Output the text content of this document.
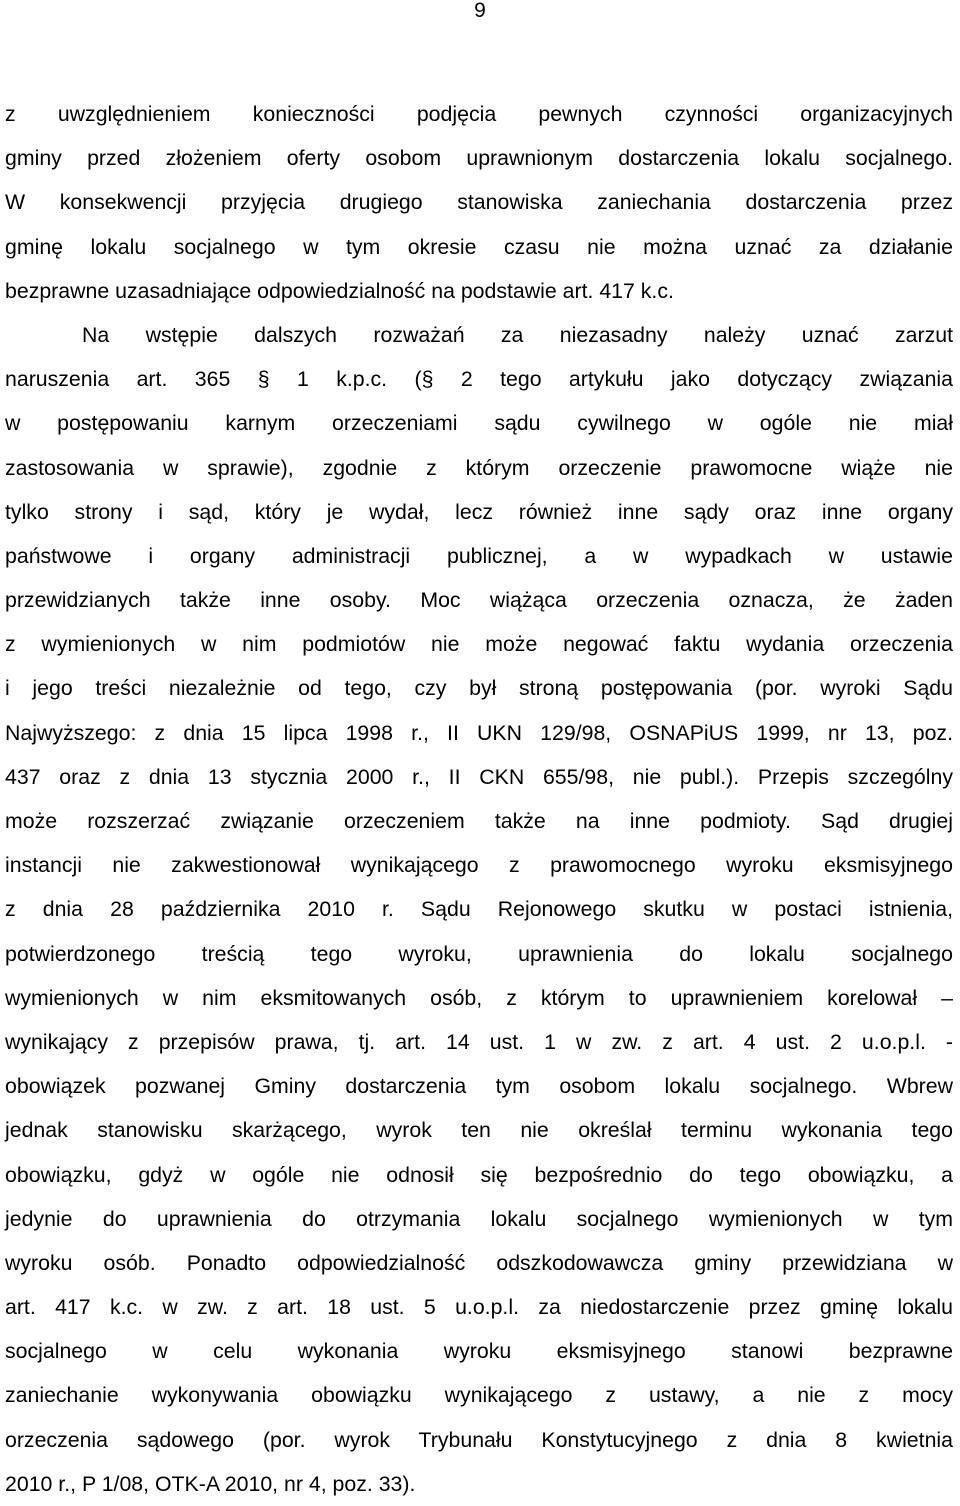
9
z uwzględnieniem konieczności podjęcia pewnych czynności organizacyjnych
gminy przed złożeniem oferty osobom uprawnionym dostarczenia lokalu socjalnego.
W konsekwencji przyjęcia drugiego stanowiska zaniechania dostarczenia przez
gminę lokalu socjalnego w tym okresie czasu nie można uznać za działanie
bezprawne uzasadniające odpowiedzialność na podstawie art. 417 k.c.
Na wstępie dalszych rozważań za niezasadny należy uznać zarzut
naruszenia art. 365 § 1 k.p.c. (§ 2 tego artykułu jako dotyczący związania
w postępowaniu karnym orzeczeniami sądu cywilnego w ogóle nie miał
zastosowania w sprawie), zgodnie z którym orzeczenie prawomocne wiąże nie
tylko strony i sąd, który je wydał, lecz również inne sądy oraz inne organy
państwowe i organy administracji publicznej, a w wypadkach w ustawie
przewidzianych także inne osoby. Moc wiążąca orzeczenia oznacza, że żaden
z wymienionych w nim podmiotów nie może negować faktu wydania orzeczenia
i jego treści niezależnie od tego, czy był stroną postępowania (por. wyroki Sądu
Najwyższego: z dnia 15 lipca 1998 r., II UKN 129/98, OSNAPiUS 1999, nr 13, poz.
437 oraz z dnia 13 stycznia 2000 r., II CKN 655/98, nie publ.). Przepis szczególny
może rozszerzać związanie orzeczeniem także na inne podmioty. Sąd drugiej
instancji nie zakwestionował wynikającego z prawomocnego wyroku eksmisyjnego
z dnia 28 października 2010 r. Sądu Rejonowego skutku w postaci istnienia,
potwierdzonego treścią tego wyroku, uprawnienia do lokalu socjalnego
wymienionych w nim eksmitowanych osób, z którym to uprawnieniem korelował –
wynikający z przepisów prawa, tj. art. 14 ust. 1 w zw. z art. 4 ust. 2 u.o.p.l. -
obowiązek pozwanej Gminy dostarczenia tym osobom lokalu socjalnego. Wbrew
jednak stanowisku skarżącego, wyrok ten nie określał terminu wykonania tego
obowiązku, gdyż w ogóle nie odnosił się bezpośrednio do tego obowiązku, a
jedynie do uprawnienia do otrzymania lokalu socjalnego wymienionych w tym
wyroku osób. Ponadto odpowiedzialność odszkodowawcza gminy przewidziana w
art. 417 k.c. w zw. z art. 18 ust. 5 u.o.p.l. za niedostarczenie przez gminę lokalu
socjalnego w celu wykonania wyroku eksmisyjnego stanowi bezprawne
zaniechanie wykonywania obowiązku wynikającego z ustawy, a nie z mocy
orzeczenia sądowego (por. wyrok Trybunału Konstytucyjnego z dnia 8 kwietnia
2010 r., P 1/08, OTK-A 2010, nr 4, poz. 33).
